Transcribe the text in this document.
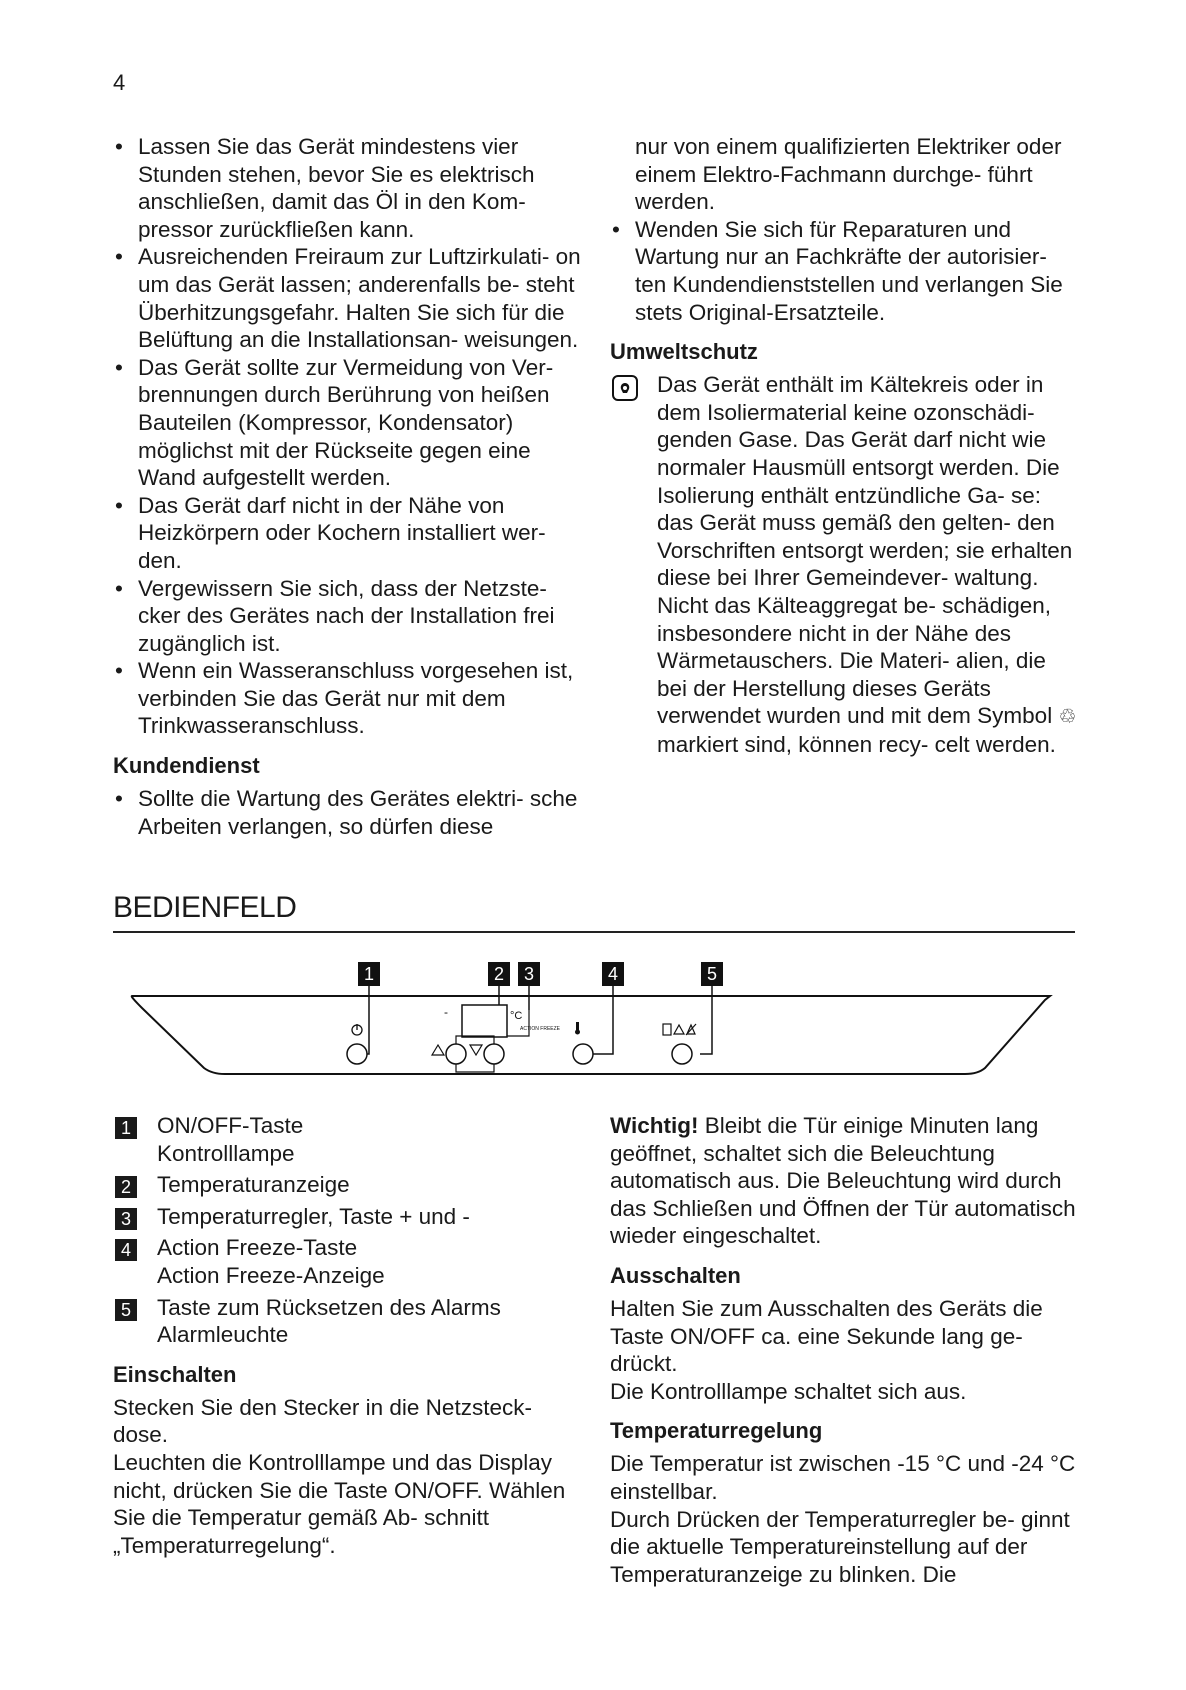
4
• Lassen Sie das Gerät mindestens vier Stunden stehen, bevor Sie es elektrisch anschließen, damit das Öl in den Kom- pressor zurückfließen kann.
• Ausreichenden Freiraum zur Luftzirkulati- on um das Gerät lassen; anderenfalls be- steht Überhitzungsgefahr. Halten Sie sich für die Belüftung an die Installationsan- weisungen.
• Das Gerät sollte zur Vermeidung von Ver- brennungen durch Berührung von heißen Bauteilen (Kompressor, Kondensator) möglichst mit der Rückseite gegen eine Wand aufgestellt werden.
• Das Gerät darf nicht in der Nähe von Heizkörpern oder Kochern installiert wer- den.
• Vergewissern Sie sich, dass der Netzste- cker des Gerätes nach der Installation frei zugänglich ist.
• Wenn ein Wasseranschluss vorgesehen ist, verbinden Sie das Gerät nur mit dem Trinkwasseranschluss.
Kundendienst
• Sollte die Wartung des Gerätes elektri- sche Arbeiten verlangen, so dürfen diese

nur von einem qualifizierten Elektriker oder einem Elektro-Fachmann durchge- führt werden.

• Wenden Sie sich für Reparaturen und Wartung nur an Fachkräfte der autorisier- ten Kundendienststellen und verlangen Sie stets Original-Ersatzteile.
Umweltschutz
Das Gerät enthält im Kältekreis oder in dem Isoliermaterial keine ozonschädi- genden Gase. Das Gerät darf nicht wie normaler Hausmüll entsorgt werden. Die Isolierung enthält entzündliche Ga- se: das Gerät muss gemäß den gelten- den Vorschriften entsorgt werden; sie erhalten diese bei Ihrer Gemeindever- waltung. Nicht das Kälteaggregat be- schädigen, insbesondere nicht in der Nähe des Wärmetauschers. Die Materi- alien, die bei der Herstellung dieses Geräts verwendet wurden und mit dem Symbol ♲ markiert sind, können recy- celt werden.
BEDIENFELD
1	2 3	4	5
-	°C
ACTION FREEZE
1 ON/OFF-Taste
Kontrolllampe
2 Temperaturanzeige
3 Temperaturregler, Taste + und -
4 Action Freeze-Taste
Action Freeze-Anzeige
5 Taste zum Rücksetzen des Alarms
Alarmleuchte
Einschalten

Stecken Sie den Stecker in die Netzsteck- dose.

Leuchten die Kontrolllampe und das Display nicht, drücken Sie die Taste ON/OFF. Wählen Sie die Temperatur gemäß Ab- schnitt „Temperaturregelung“.

Wichtig! Bleibt die Tür einige Minuten lang geöffnet, schaltet sich die Beleuchtung automatisch aus. Die Beleuchtung wird durch das Schließen und Öffnen der Tür automatisch wieder eingeschaltet.

Ausschalten

Halten Sie zum Ausschalten des Geräts die Taste ON/OFF ca. eine Sekunde lang ge- drückt.

Die Kontrolllampe schaltet sich aus.

Temperaturregelung

Die Temperatur ist zwischen -15 °C und -24 °C einstellbar.

Durch Drücken der Temperaturregler be- ginnt die aktuelle Temperatureinstellung auf der Temperaturanzeige zu blinken. Die
